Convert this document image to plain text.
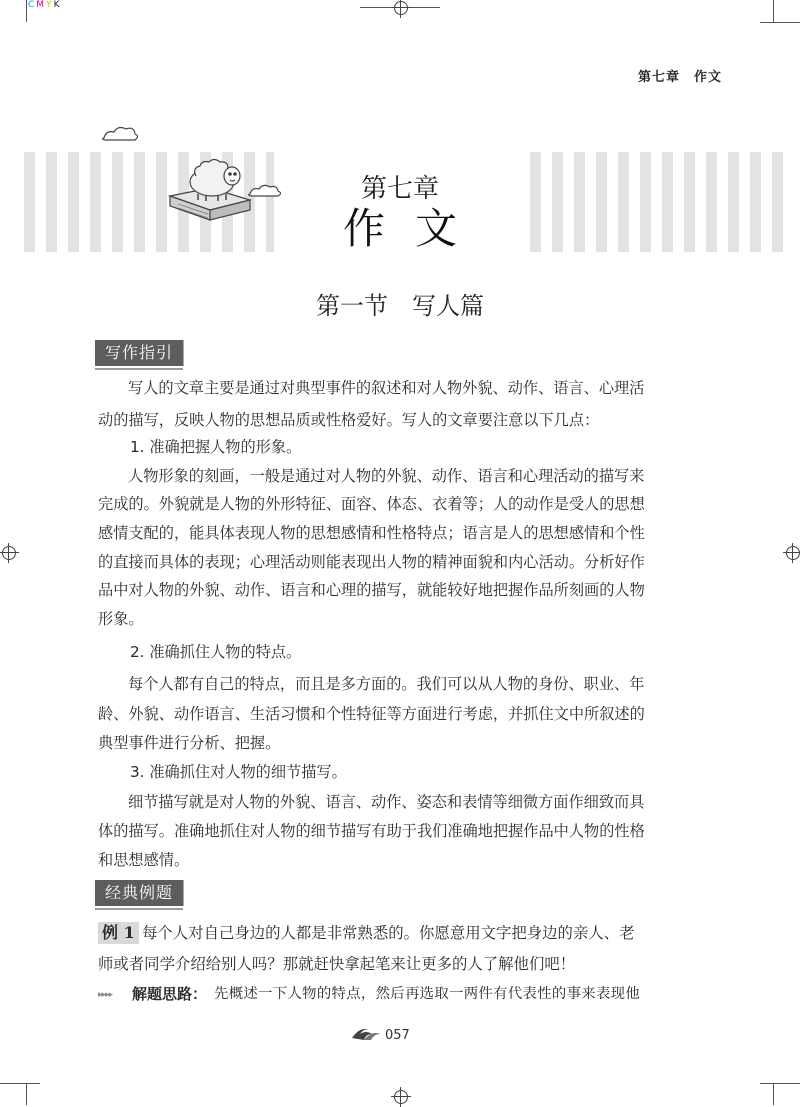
CMYK
第七章　作文
第七章
作文
第一节　写人篇
写作指引
写人的文章主要是通过对典型事件的叙述和对人物外貌、动作、语言、心理活
动的描写，反映人物的思想品质或性格爱好。写人的文章要注意以下几点：
1. 准确把握人物的形象。
人物形象的刻画，一般是通过对人物的外貌、动作、语言和心理活动的描写来
完成的。外貌就是人物的外形特征、面容、体态、衣着等；人的动作是受人的思想
感情支配的，能具体表现人物的思想感情和性格特点；语言是人的思想感情和个性
的直接而具体的表现；心理活动则能表现出人物的精神面貌和内心活动。分析好作
品中对人物的外貌、动作、语言和心理的描写，就能较好地把握作品所刻画的人物
形象。
2. 准确抓住人物的特点。
每个人都有自己的特点，而且是多方面的。我们可以从人物的身份、职业、年
龄、外貌、动作语言、生活习惯和个性特征等方面进行考虑，并抓住文中所叙述的
典型事件进行分析、把握。
3. 准确抓住对人物的细节描写。
细节描写就是对人物的外貌、语言、动作、姿态和表情等细微方面作细致而具
体的描写。准确地抓住对人物的细节描写有助于我们准确地把握作品中人物的性格
和思想感情。
经典例题
例 1 每个人对自己身边的人都是非常熟悉的。你愿意用文字把身边的亲人、老
师或者同学介绍给别人吗？那就赶快拿起笔来让更多的人了解他们吧！
▸▸▸▸ 解题思路： 先概述一下人物的特点，然后再选取一两件有代表性的事来表现他
057
